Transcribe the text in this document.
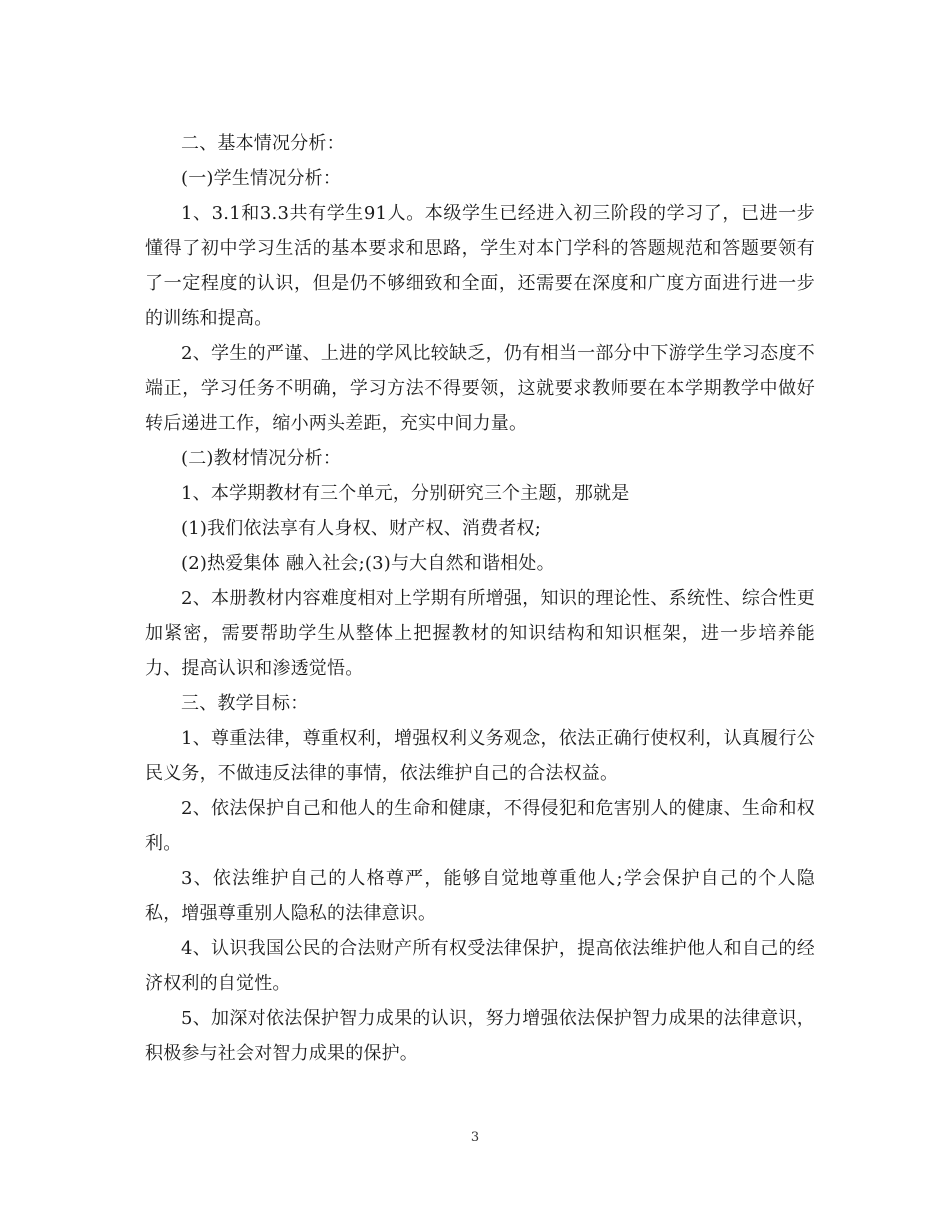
二、基本情况分析：

(一)学生情况分析：

1、3.1和3.3共有学生91人。本级学生已经进入初三阶段的学习了，已进一步懂得了初中学习生活的基本要求和思路，学生对本门学科的答题规范和答题要领有了一定程度的认识，但是仍不够细致和全面，还需要在深度和广度方面进行进一步的训练和提高。

2、学生的严谨、上进的学风比较缺乏，仍有相当一部分中下游学生学习态度不端正，学习任务不明确，学习方法不得要领，这就要求教师要在本学期教学中做好转后递进工作，缩小两头差距，充实中间力量。

(二)教材情况分析：

1、本学期教材有三个单元，分别研究三个主题，那就是

(1)我们依法享有人身权、财产权、消费者权;

(2)热爱集体 融入社会;(3)与大自然和谐相处。

2、本册教材内容难度相对上学期有所增强，知识的理论性、系统性、综合性更加紧密，需要帮助学生从整体上把握教材的知识结构和知识框架，进一步培养能力、提高认识和渗透觉悟。

三、教学目标：

1、尊重法律，尊重权利，增强权利义务观念，依法正确行使权利，认真履行公民义务，不做违反法律的事情，依法维护自己的合法权益。

2、依法保护自己和他人的生命和健康，不得侵犯和危害别人的健康、生命和权利。

3、依法维护自己的人格尊严，能够自觉地尊重他人;学会保护自己的个人隐私，增强尊重别人隐私的法律意识。

4、认识我国公民的合法财产所有权受法律保护，提高依法维护他人和自己的经济权利的自觉性。

5、加深对依法保护智力成果的认识，努力增强依法保护智力成果的法律意识，积极参与社会对智力成果的保护。

3
